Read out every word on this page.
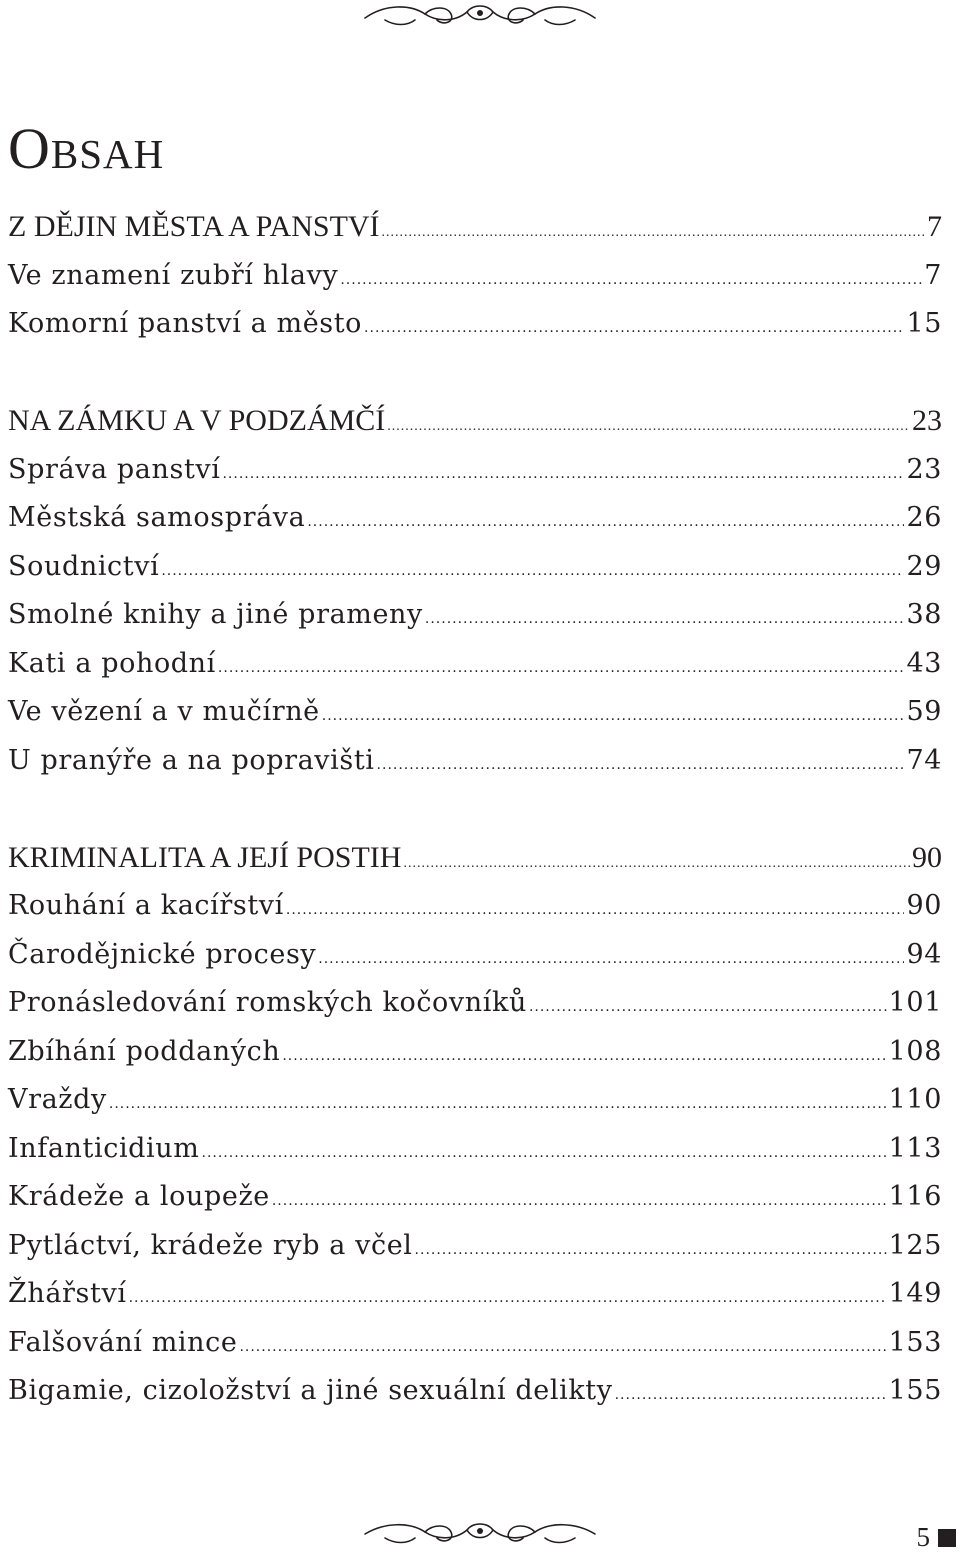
Obsah
Z DĚJIN MĚSTA A PANSTVÍ .....	7
Ve znamení zubří hlavy .....	7
Komorní panství a město .....	15
NA ZÁMKU A V PODZÁMČÍ .....	23
Správa panství .....	23
Městská samospráva .....	26
Soudnictví .....	29
Smolné knihy a jiné prameny .....	38
Kati a pohodní .....	43
Ve vězení a v mučírně .....	59
U pranýře a na popravišti .....	74
KRIMINALITA A JEJÍ POSTIH .....	90
Rouhání a kacířství .....	90
Čarodějnické procesy .....	94
Pronásledování romských kočovníků .....	101
Zbíhání poddaných .....	108
Vraždy .....	110
Infanticidium .....	113
Krádeže a loupeže .....	116
Pytláctví, krádeže ryb a včel .....	125
Žhářství .....	149
Falšování mince .....	153
Bigamie, cizoložství a jiné sexuální delikty .....	155
5
